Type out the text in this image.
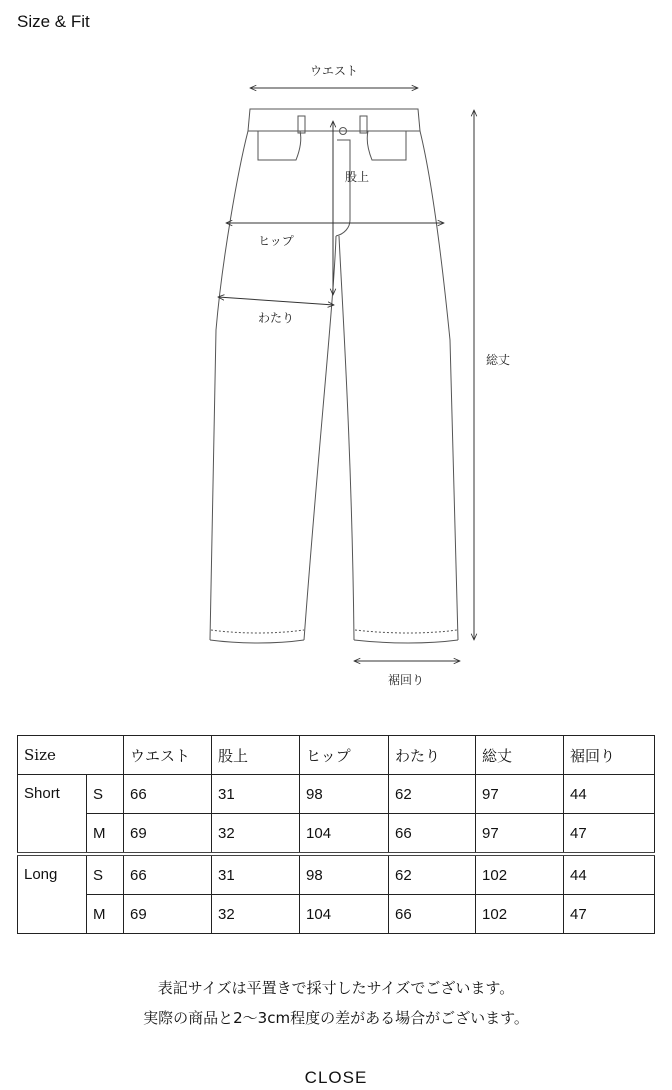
Size & Fit
ウエスト
股上
ヒップ
わたり
総丈
裾回り
Size		ウエスト	股上	ヒップ	わたり	総丈	裾回り
Short	S	66	31	98	62	97	44
	M	69	32	104	66	97	47
Long	S	66	31	98	62	102	44
	M	69	32	104	66	102	47
表記サイズは平置きで採寸したサイズでございます。
実際の商品と2〜3cm程度の差がある場合がございます。
CLOSE
